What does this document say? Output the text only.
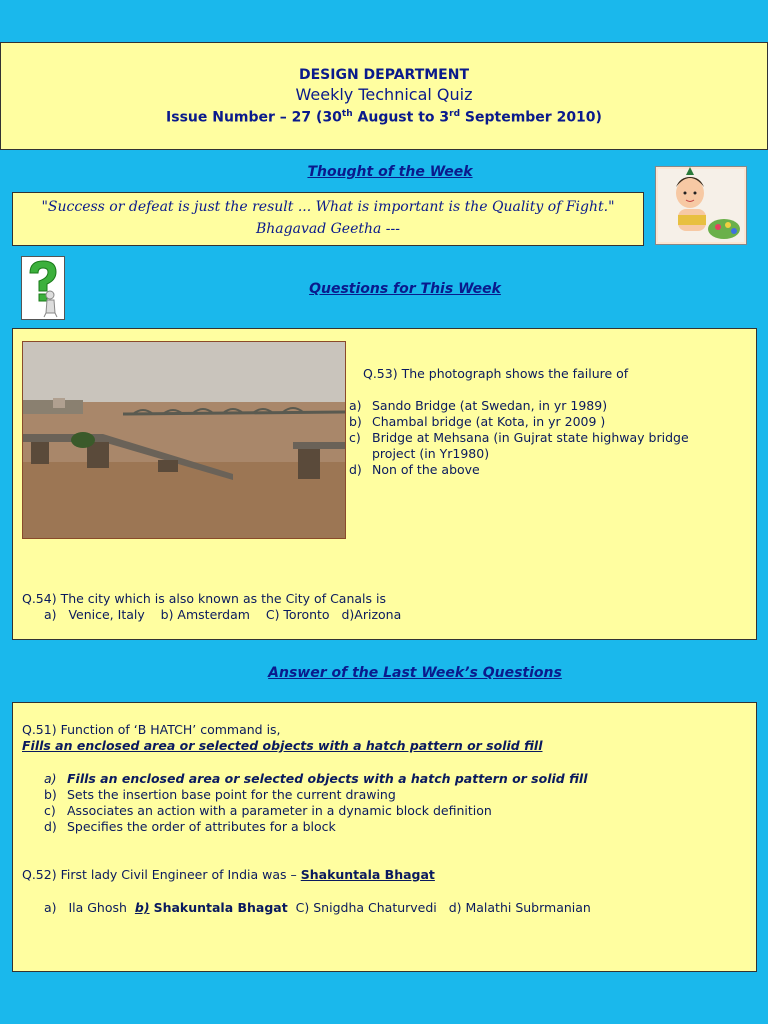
DESIGN DEPARTMENT
Weekly Technical Quiz
Issue Number – 27 (30th August to 3rd September 2010)
Thought of the Week
"Success or defeat is just the result ... What is important is the Quality of Fight."
Bhagavad Geetha ---
Questions for This Week
Q.53) The photograph shows the failure of
a) Sando Bridge (at Swedan, in yr 1989)
b) Chambal bridge (at Kota, in yr 2009 )
c) Bridge at Mehsana (in Gujrat state highway bridge
project (in Yr1980)
d) Non of the above
Q.54) The city which is also known as the City of Canals is
a)   Venice, Italy    b) Amsterdam    C) Toronto   d)Arizona
Answer of the Last Week’s Questions
Q.51) Function of ‘B HATCH’ command is,
Fills an enclosed area or selected objects with a hatch pattern or solid fill
a) Fills an enclosed area or selected objects with a hatch pattern or solid fill
b) Sets the insertion base point for the current drawing
c) Associates an action with a parameter in a dynamic block definition
d) Specifies the order of attributes for a block
Q.52) First lady Civil Engineer of India was – Shakuntala Bhagat
a)   Ila Ghosh b) Shakuntala Bhagat C) Snigdha Chaturvedi   d) Malathi Subrmanian
